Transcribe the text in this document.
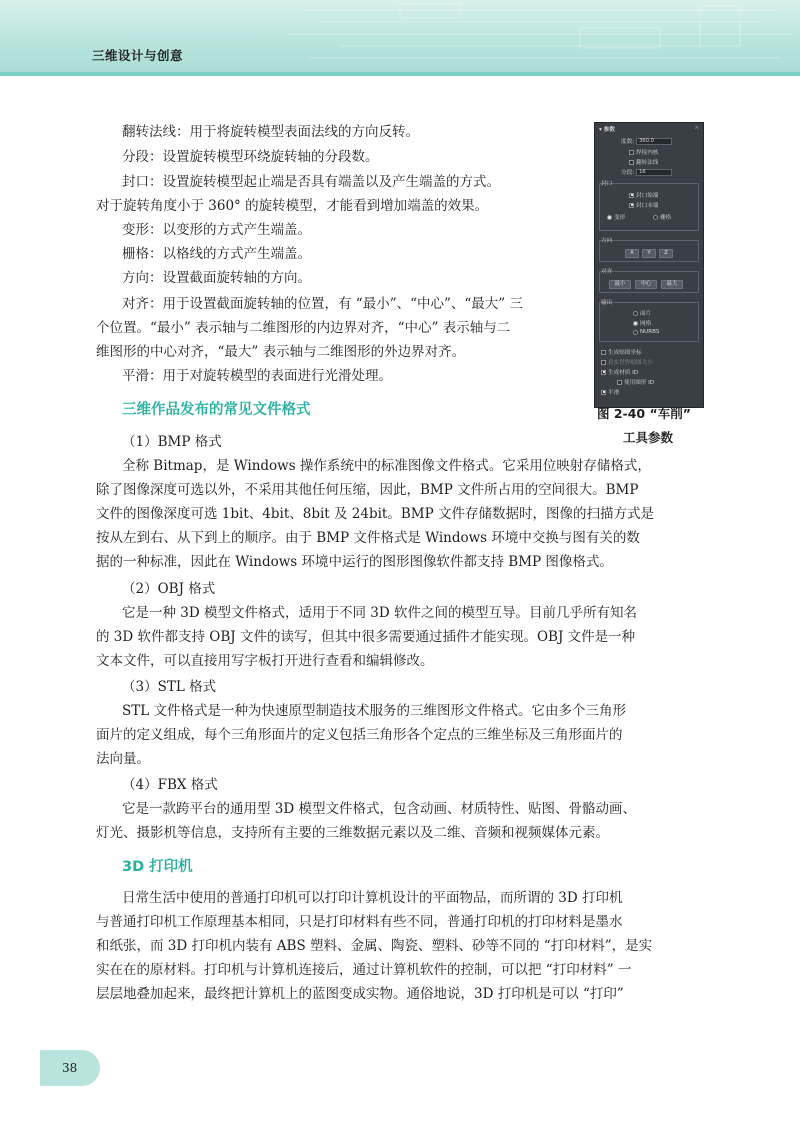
三维设计与创意

翻转法线：用于将旋转模型表面法线的方向反转。

分段：设置旋转模型环绕旋转轴的分段数。

封口：设置旋转模型起止端是否具有端盖以及产生端盖的方式。

对于旋转角度小于 360° 的旋转模型，才能看到增加端盖的效果。

变形：以变形的方式产生端盖。

栅格：以格线的方式产生端盖。

方向：设置截面旋转轴的方向。

对齐：用于设置截面旋转轴的位置，有 “最小”、“中心”、“最大” 三

个位置。“最小” 表示轴与二维图形的内边界对齐，“中心” 表示轴与二

维图形的中心对齐，“最大” 表示轴与二维图形的外边界对齐。

平滑：用于对旋转模型的表面进行光滑处理。

三维作品发布的常见文件格式
（1）BMP 格式

全称 Bitmap，是 Windows 操作系统中的标准图像文件格式。它采用位映射存储格式，

除了图像深度可选以外，不采用其他任何压缩，因此，BMP 文件所占用的空间很大。BMP

文件的图像深度可选 1bit、4bit、8bit 及 24bit。BMP 文件存储数据时，图像的扫描方式是

按从左到右、从下到上的顺序。由于 BMP 文件格式是 Windows 环境中交换与图有关的数

据的一种标准，因此在 Windows 环境中运行的图形图像软件都支持 BMP 图像格式。

（2）OBJ 格式

它是一种 3D 模型文件格式，适用于不同 3D 软件之间的模型互导。目前几乎所有知名

的 3D 软件都支持 OBJ 文件的读写，但其中很多需要通过插件才能实现。OBJ 文件是一种

文本文件，可以直接用写字板打开进行查看和编辑修改。

（3）STL 格式

STL 文件格式是一种为快速原型制造技术服务的三维图形文件格式。它由多个三角形

面片的定义组成，每个三角形面片的定义包括三角形各个定点的三维坐标及三角形面片的

法向量。

（4）FBX 格式

它是一款跨平台的通用型 3D 模型文件格式，包含动画、材质特性、贴图、骨骼动画、

灯光、摄影机等信息，支持所有主要的三维数据元素以及二维、音频和视频媒体元素。

3D 打印机

日常生活中使用的普通打印机可以打印计算机设计的平面物品，而所谓的 3D 打印机

与普通打印机工作原理基本相同，只是打印材料有些不同，普通打印机的打印材料是墨水

和纸张，而 3D 打印机内装有 ABS 塑料、金属、陶瓷、塑料、砂等不同的 “打印材料”，是实

实在在的原材料。打印机与计算机连接后，通过计算机软件的控制，可以把 “打印材料” 一

层层地叠加起来，最终把计算机上的蓝图变成实物。通俗地说，3D 打印机是可以 “打印”

▾ 参数	×
度数: 360.0
焊接内核
翻转法线
分段: 16
封口
封口始端
封口末端
变形	栅格
方向
X	Y	Z
对齐
最小	中心	最大
输出
面片
网格
NURBS
生成贴图坐标
真实世界贴图大小
生成材质 ID
使用图形 ID
平滑
图 2-40 “车削”
工具参数
38
